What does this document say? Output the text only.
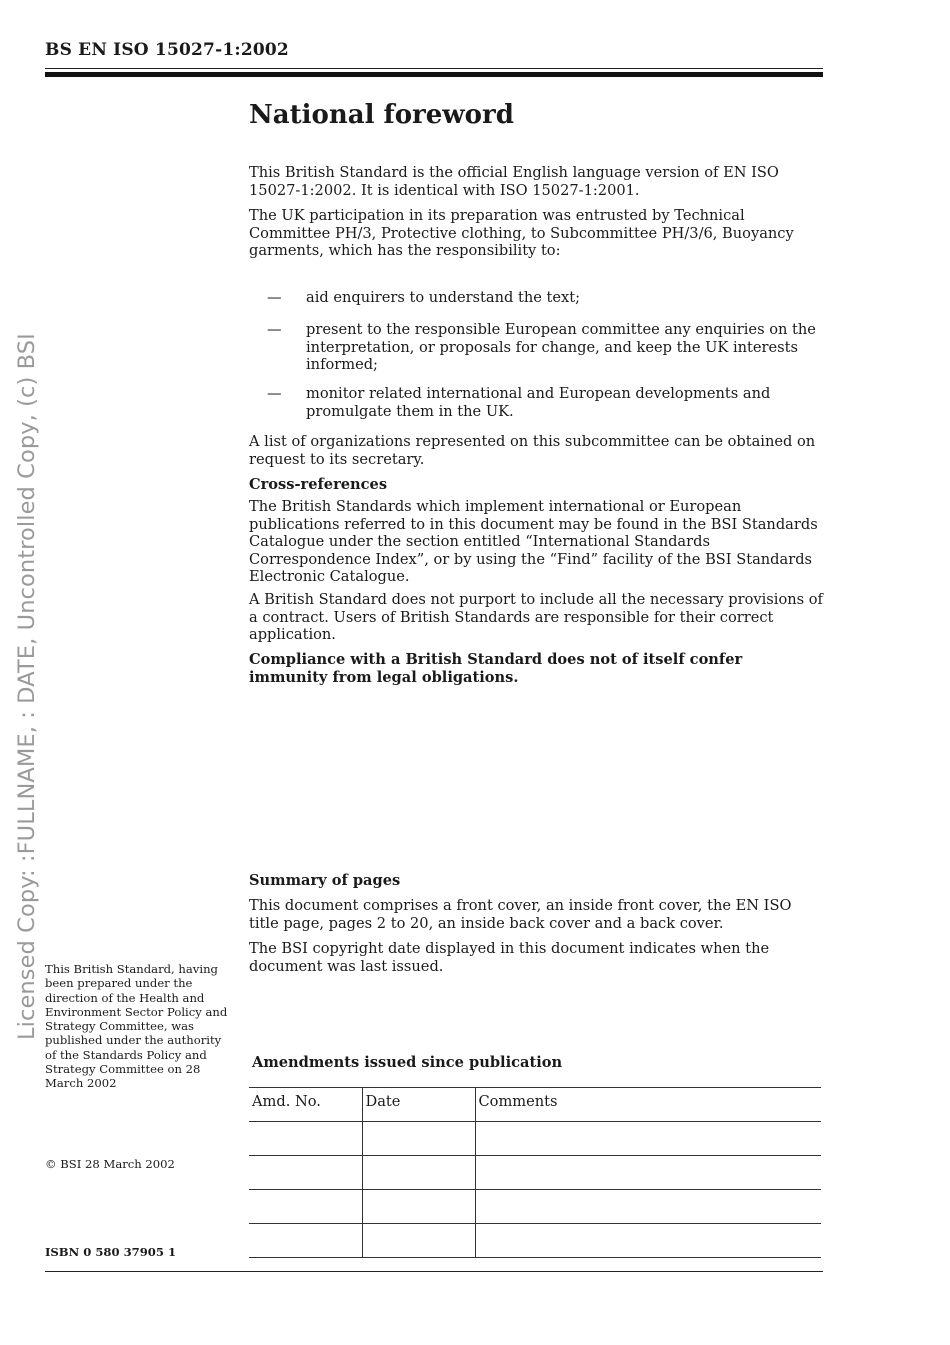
BS EN ISO 15027-1:2002
Licensed Copy: :FULLNAME, : DATE, Uncontrolled Copy, (c) BSI
National foreword

This British Standard is the official English language version of EN ISO 15027-1:2002. It is identical with ISO 15027-1:2001.

The UK participation in its preparation was entrusted by Technical Committee PH/3, Protective clothing, to Subcommittee PH/3/6, Buoyancy garments, which has the responsibility to:

— aid enquirers to understand the text;
— present to the responsible European committee any enquiries on the interpretation, or proposals for change, and keep the UK interests informed;
— monitor related international and European developments and promulgate them in the UK.

A list of organizations represented on this subcommittee can be obtained on request to its secretary.

Cross-references

The British Standards which implement international or European publications referred to in this document may be found in the BSI Standards Catalogue under the section entitled “International Standards Correspondence Index”, or by using the “Find” facility of the BSI Standards Electronic Catalogue.

A British Standard does not purport to include all the necessary provisions of a contract. Users of British Standards are responsible for their correct application.

Compliance with a British Standard does not of itself confer immunity from legal obligations.
Summary of pages

This document comprises a front cover, an inside front cover, the EN ISO title page, pages 2 to 20, an inside back cover and a back cover.

The BSI copyright date displayed in this document indicates when the document was last issued.

This British Standard, having been prepared under the direction of the Health and Environment Sector Policy and Strategy Committee, was published under the authority of the Standards Policy and Strategy Committee on 28 March 2002
© BSI 28 March 2002
ISBN 0 580 37905 1
Amendments issued since publication
Amd. No.	Date	Comments
